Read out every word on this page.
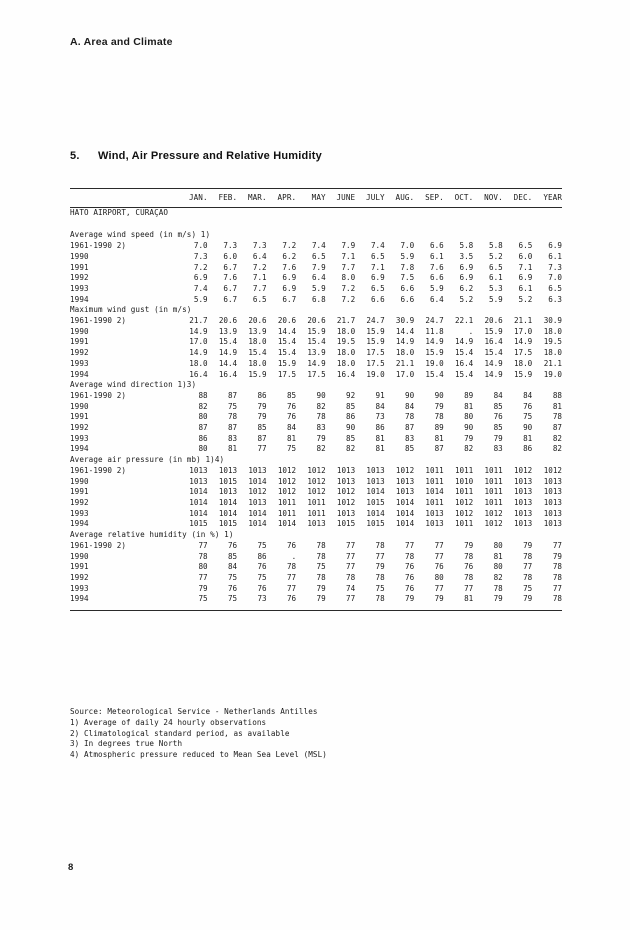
A. Area and Climate
5.	Wind, Air Pressure and Relative Humidity
	JAN.	FEB.	MAR.	APR.	MAY	JUNE	JULY	AUG.	SEP.	OCT.	NOV.	DEC.	YEAR
HATO AIRPORT, CURAÇAO													
Average wind speed (in m/s) 1)													
1961-1990 2)	7.0	7.3	7.3	7.2	7.4	7.9	7.4	7.0	6.6	5.8	5.8	6.5	6.9
1990	7.3	6.0	6.4	6.2	6.5	7.1	6.5	5.9	6.1	3.5	5.2	6.0	6.1
1991	7.2	6.7	7.2	7.6	7.9	7.7	7.1	7.8	7.6	6.9	6.5	7.1	7.3
1992	6.9	7.6	7.1	6.9	6.4	8.0	6.9	7.5	6.6	6.9	6.1	6.9	7.0
1993	7.4	6.7	7.7	6.9	5.9	7.2	6.5	6.6	5.9	6.2	5.3	6.1	6.5
1994	5.9	6.7	6.5	6.7	6.8	7.2	6.6	6.6	6.4	5.2	5.9	5.2	6.3
Maximum wind gust (in m/s)													
1961-1990 2)	21.7	20.6	20.6	20.6	20.6	21.7	24.7	30.9	24.7	22.1	20.6	21.1	30.9
1990	14.9	13.9	13.9	14.4	15.9	18.0	15.9	14.4	11.8	.	15.9	17.0	18.0
1991	17.0	15.4	18.0	15.4	15.4	19.5	15.9	14.9	14.9	14.9	16.4	14.9	19.5
1992	14.9	14.9	15.4	15.4	13.9	18.0	17.5	18.0	15.9	15.4	15.4	17.5	18.0
1993	18.0	14.4	18.0	15.9	14.9	18.0	17.5	21.1	19.0	16.4	14.9	18.0	21.1
1994	16.4	16.4	15.9	17.5	17.5	16.4	19.0	17.0	15.4	15.4	14.9	15.9	19.0
Average wind direction 1)3)													
1961-1990 2)	88	87	86	85	90	92	91	90	90	89	84	84	88
1990	82	75	79	76	82	85	84	84	79	81	85	76	81
1991	80	78	79	76	78	86	73	78	78	80	76	75	78
1992	87	87	85	84	83	90	86	87	89	90	85	90	87
1993	86	83	87	81	79	85	81	83	81	79	79	81	82
1994	80	81	77	75	82	82	81	85	87	82	83	86	82
Average air pressure (in mb) 1)4)													
1961-1990 2)	1013	1013	1013	1012	1012	1013	1013	1012	1011	1011	1011	1012	1012
1990	1013	1015	1014	1012	1012	1013	1013	1013	1011	1010	1011	1013	1013
1991	1014	1013	1012	1012	1012	1012	1014	1013	1014	1011	1011	1013	1013
1992	1014	1014	1013	1011	1011	1012	1015	1014	1011	1012	1011	1013	1013
1993	1014	1014	1014	1011	1011	1013	1014	1014	1013	1012	1012	1013	1013
1994	1015	1015	1014	1014	1013	1015	1015	1014	1013	1011	1012	1013	1013
Average relative humidity (in %) 1)													
1961-1990 2)	77	76	75	76	78	77	78	77	77	79	80	79	77
1990	78	85	86	.	78	77	77	78	77	78	81	78	79
1991	80	84	76	78	75	77	79	76	76	76	80	77	78
1992	77	75	75	77	78	78	78	76	80	78	82	78	78
1993	79	76	76	77	79	74	75	76	77	77	78	75	77
1994	75	75	73	76	79	77	78	79	79	81	79	79	78
Source: Meteorological Service - Netherlands Antilles
1) Average of daily 24 hourly observations
2) Climatological standard period, as available
3) In degrees true North
4) Atmospheric pressure reduced to Mean Sea Level (MSL)
8
